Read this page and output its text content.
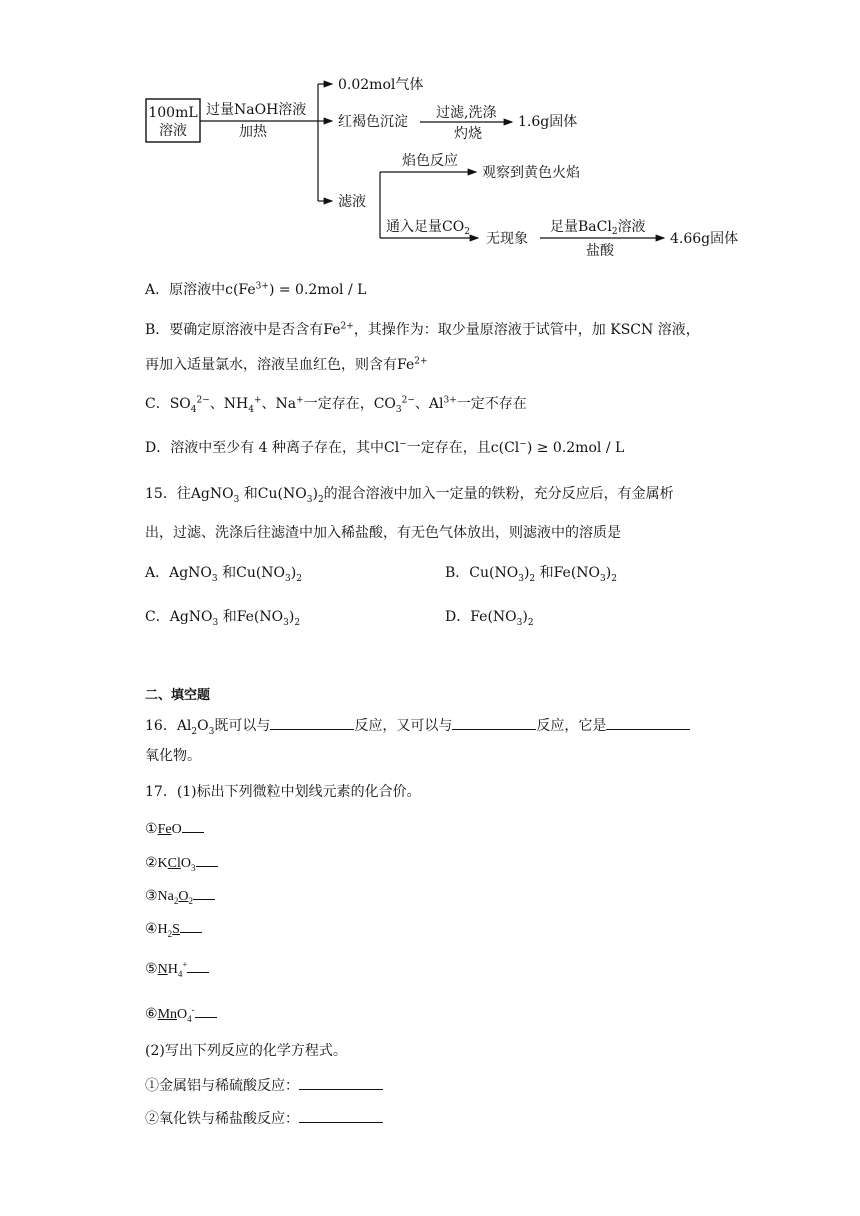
100mL
溶液
过量NaOH溶液
加热
0.02mol气体
红褐色沉淀
过滤,洗涤
灼烧
1.6g固体
滤液
焰色反应
观察到黄色火焰
通入足量$CO_2$ 无现象
足量BaCl$_2$溶液
盐酸
4.66g固体
A．原溶液中$c(Fe^{3+}) = 0.2mol / L$
B．要确定原溶液中是否含有$Fe^{2+}$，其操作为：取少量原溶液于试管中，加 KSCN 溶液，
再加入适量氯水，溶液呈血红色，则含有$Fe^{2+}$
C．$SO_4^{2-}$、$NH_4^+$、Na+一定存在，$CO_3^{2-}$、$Al^{3+}$一定不存在
D．溶液中至少有 4 种离子存在，其中Cl−一定存在，且c(Cl−) ≥ 0.2mol / L
15．往AgNO$_3$ 和$Cu(NO_3)_2$的混合溶液中加入一定量的铁粉，充分反应后，有金属析
出，过滤、洗涤后往滤渣中加入稀盐酸，有无色气体放出，则滤液中的溶质是
A．AgNO$_3$ 和$Cu(NO_3)_2$	B．$Cu(NO_3)_2$ 和$Fe(NO_3)_2$
C．AgNO$_3$ 和$Fe(NO_3)_2$	D．$Fe(NO_3)_2$
二、填空题
16．$Al_2O_3$既可以与	反应，又可以与	反应，它是
氧化物。
17．(1)标出下列微粒中划线元素的化合价。
①FeO
②KClO$_3$
$③Na_2O_2$
$④H_2S$
$⑤NH_4^+$
⑥MnO$_4$-
(2)写出下列反应的化学方程式。
①金属铝与稀硫酸反应：
②氧化铁与稀盐酸反应：
